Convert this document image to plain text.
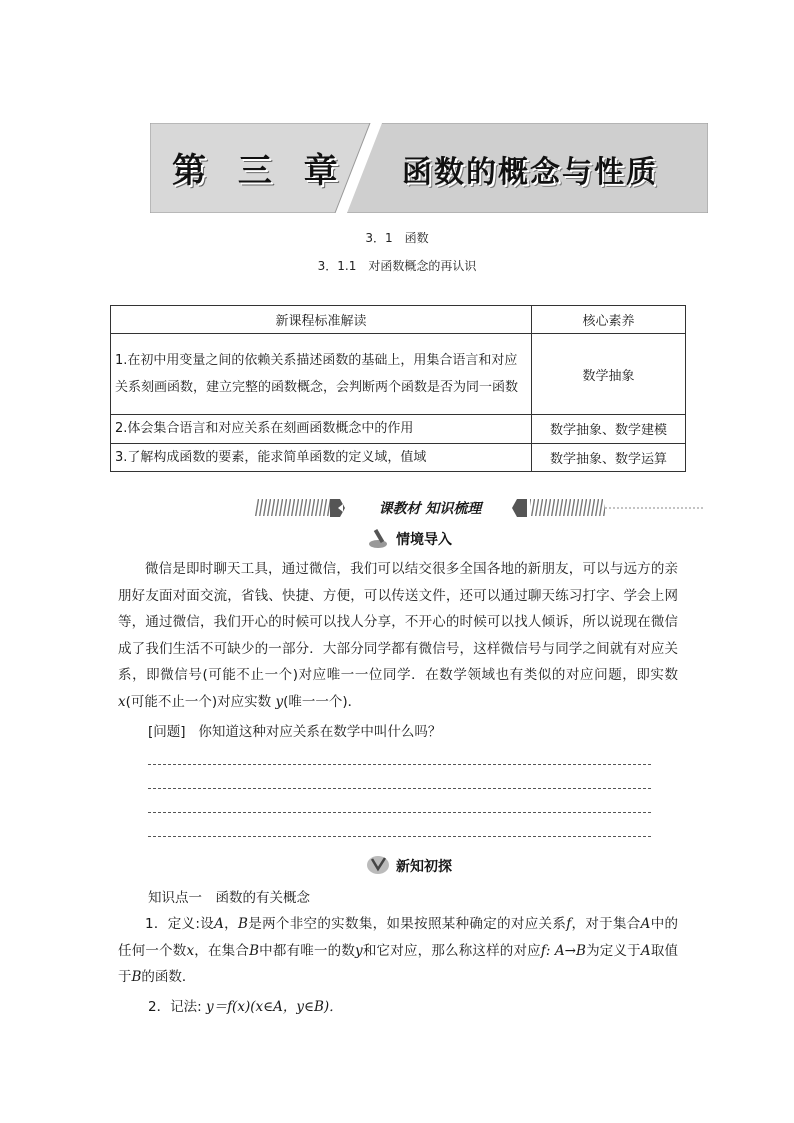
第 三 章 函数的概念与性质
3．1　函数
3．1.1　对函数概念的再认识
新课程标准解读	核心素养
1.在初中用变量之间的依赖关系描述函数的基础上，用集合语言和对应关系刻画函数，建立完整的函数概念，会判断两个函数是否为同一函数	数学抽象
2.体会集合语言和对应关系在刻画函数概念中的作用	数学抽象、数学建模
3.了解构成函数的要素，能求简单函数的定义域，值域	数学抽象、数学运算
课教材 知识梳理
情境导入
微信是即时聊天工具，通过微信，我们可以结交很多全国各地的新朋友，可以与远方的亲朋好友面对面交流，省钱、快捷、方便，可以传送文件，还可以通过聊天练习打字、学会上网等，通过微信，我们开心的时候可以找人分享，不开心的时候可以找人倾诉，所以说现在微信成了我们生活不可缺少的一部分．大部分同学都有微信号，这样微信号与同学之间就有对应关系，即微信号(可能不止一个)对应唯一一位同学．在数学领域也有类似的对应问题，即实数 x(可能不止一个)对应实数 y(唯一一个)．
[问题] 你知道这种对应关系在数学中叫什么吗？
新知初探
知识点一　函数的有关概念
1．定义:设A，B是两个非空的实数集，如果按照某种确定的对应关系f，对于集合A中的任何一个数x，在集合B中都有唯一的数y和它对应，那么称这样的对应f: A→B为定义于A取值于B的函数．
2．记法: y＝f(x)(x∈A，y∈B)．
